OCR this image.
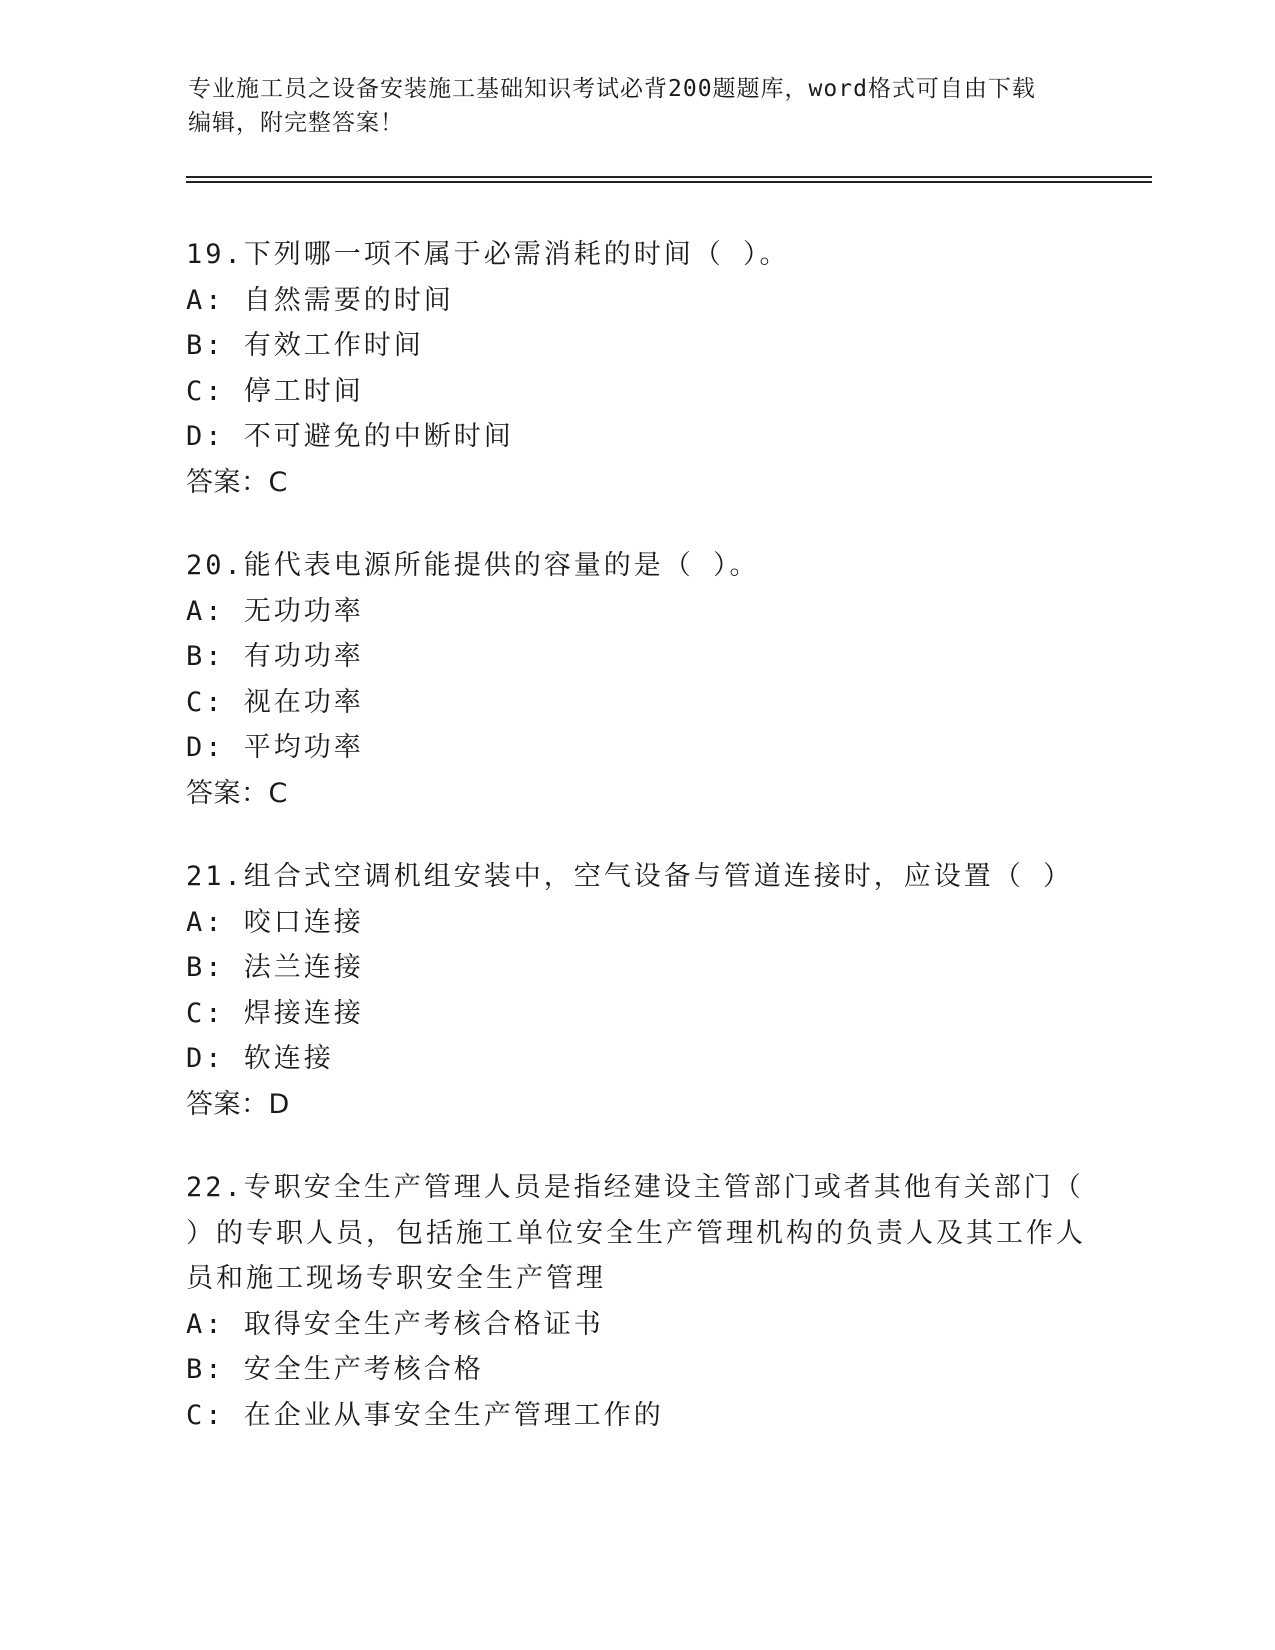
专业施工员之设备安装施工基础知识考试必背200题题库，word格式可自由下载
编辑，附完整答案！
19.下列哪一项不属于必需消耗的时间（ ）。
A: 自然需要的时间
B: 有效工作时间
C: 停工时间
D: 不可避免的中断时间
答案：C
20.能代表电源所能提供的容量的是（ ）。
A: 无功功率
B: 有功功率
C: 视在功率
D: 平均功率
答案：C
21.组合式空调机组安装中，空气设备与管道连接时，应设置（ ）
A: 咬口连接
B: 法兰连接
C: 焊接连接
D: 软连接
答案：D
22.专职安全生产管理人员是指经建设主管部门或者其他有关部门（
）的专职人员，包括施工单位安全生产管理机构的负责人及其工作人
员和施工现场专职安全生产管理
A: 取得安全生产考核合格证书
B: 安全生产考核合格
C: 在企业从事安全生产管理工作的
